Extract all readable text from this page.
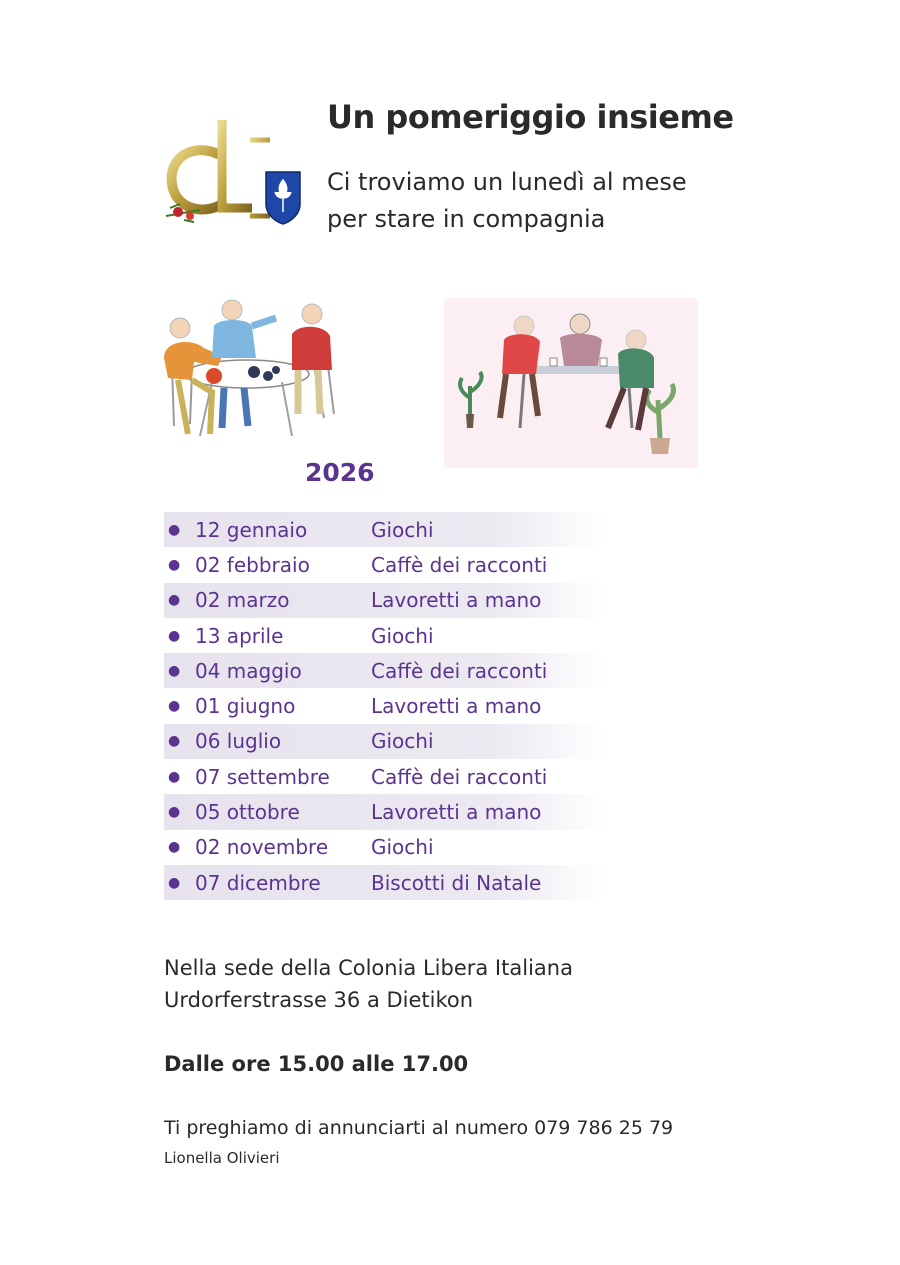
Un pomeriggio insieme
Ci troviamo un lunedì al mese
per stare in compagnia
2026
● 12 gennaio	Giochi
● 02 febbraio	Caffè dei racconti
● 02 marzo	Lavoretti a mano
● 13 aprile	Giochi
● 04 maggio	Caffè dei racconti
● 01 giugno	Lavoretti a mano
● 06 luglio	Giochi
● 07 settembre	Caffè dei racconti
● 05 ottobre	Lavoretti a mano
● 02 novembre	Giochi
● 07 dicembre	Biscotti di Natale
Nella sede della Colonia Libera Italiana
Urdorferstrasse 36 a Dietikon

Dalle ore 15.00 alle 17.00

Ti preghiamo di annunciarti al numero 079 786 25 79
Lionella Olivieri
